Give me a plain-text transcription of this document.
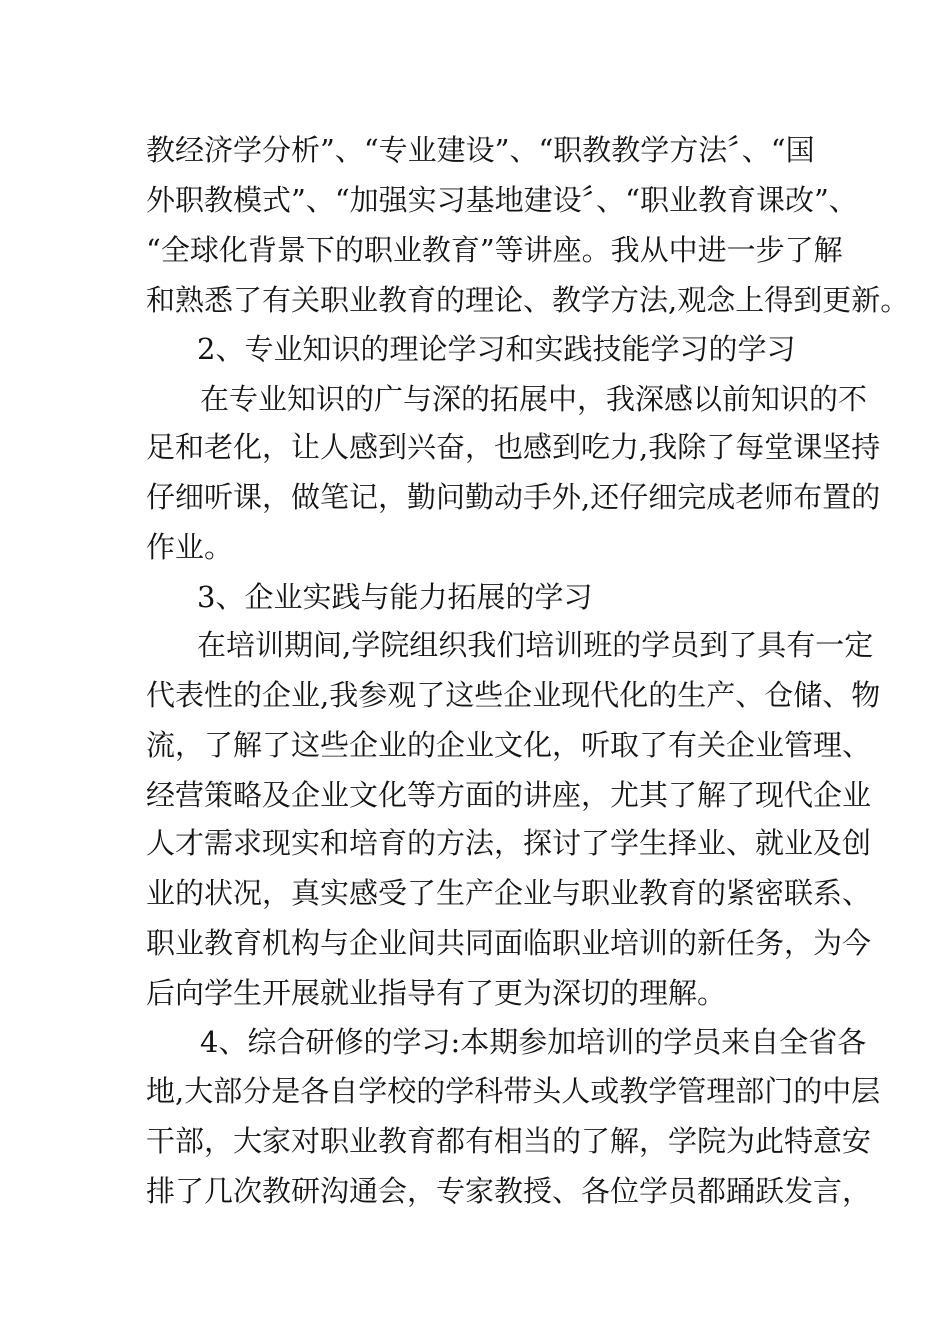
教经济学分析”、“专业建设”、“职教教学方法〞、“国
外职教模式”、“加强实习基地建设〞、“职业教育课改”、
“全球化背景下的职业教育”等讲座。我从中进一步了解
和熟悉了有关职业教育的理论、教学方法,观念上得到更新。
2、专业知识的理论学习和实践技能学习的学习
在专业知识的广与深的拓展中，我深感以前知识的不
足和老化，让人感到兴奋，也感到吃力,我除了每堂课坚持
仔细听课，做笔记，勤问勤动手外,还仔细完成老师布置的
作业。
3、企业实践与能力拓展的学习
在培训期间,学院组织我们培训班的学员到了具有一定
代表性的企业,我参观了这些企业现代化的生产、仓储、物
流，了解了这些企业的企业文化，听取了有关企业管理、
经营策略及企业文化等方面的讲座，尤其了解了现代企业
人才需求现实和培育的方法，探讨了学生择业、就业及创
业的状况，真实感受了生产企业与职业教育的紧密联系、
职业教育机构与企业间共同面临职业培训的新任务，为今
后向学生开展就业指导有了更为深切的理解。
4、综合研修的学习:本期参加培训的学员来自全省各
地,大部分是各自学校的学科带头人或教学管理部门的中层
干部，大家对职业教育都有相当的了解，学院为此特意安
排了几次教研沟通会，专家教授、各位学员都踊跃发言，
